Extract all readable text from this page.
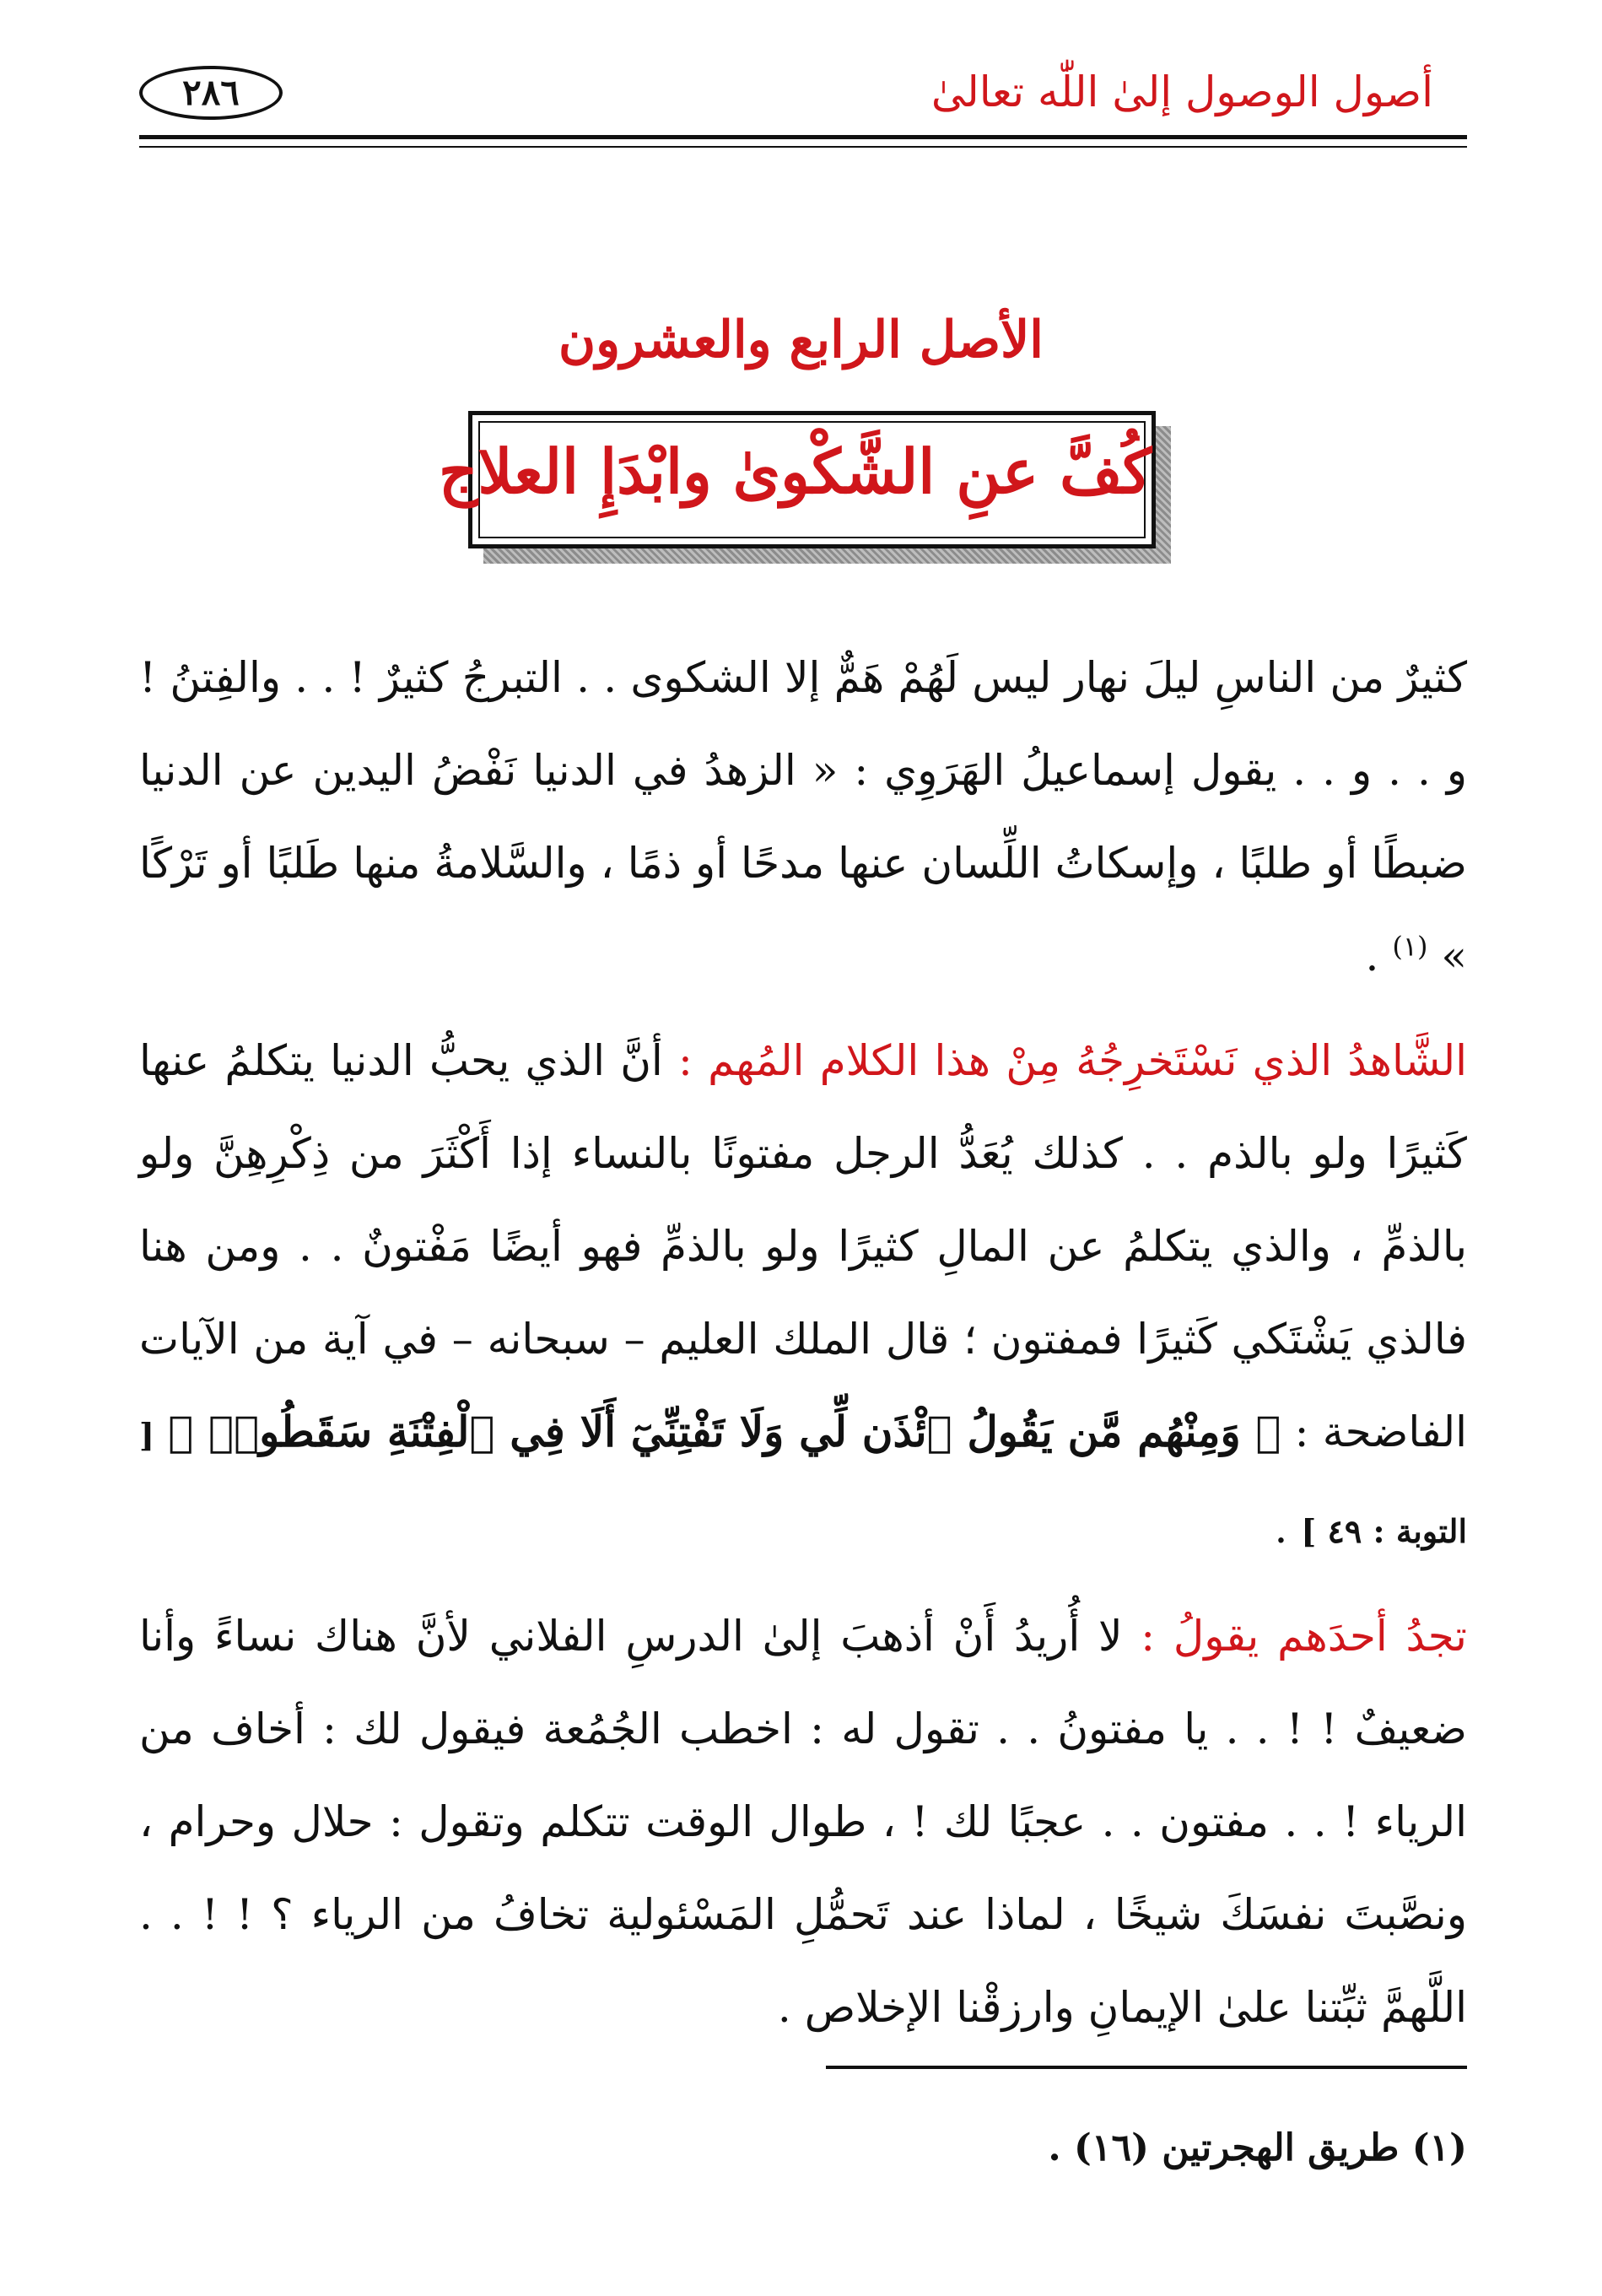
٢٨٦	أصول الوصول إلىٰ اللّٰه تعالىٰ
الأصل الرابع والعشرون
كُفَّ عنِ الشَّكْوىٰ وابْدَإِ العلاج

كثيرٌ من الناسِ ليلَ نهار ليس لَهُمْ هَمٌّ إلا الشكوى . . التبرجُ كثيرٌ ! . . والفِتنُ ! و . . و . . يقول إسماعيلُ الهَرَوِي : « الزهدُ في الدنيا نَفْضُ اليدين عن الدنيا ضبطًا أو طلبًا ، وإسكاتُ اللِّسان عنها مدحًا أو ذمًا ، والسَّلامةُ منها طَلبًا أو تَرْكًا » $^{(١)}$ .

الشَّاهدُ الذي نَسْتَخرِجُهُ مِنْ هذا الكلام المُهم : أنَّ الذي يحبُّ الدنيا يتكلمُ عنها كَثيرًا ولو بالذم . . كذلك يُعَدُّ الرجل مفتونًا بالنساء إذا أَكْثَرَ من ذِكْرِهِنَّ ولو بالذمِّ ، والذي يتكلمُ عن المالِ كثيرًا ولو بالذمِّ فهو أيضًا مَفْتونٌ . . ومن هنا فالذي يَشْتَكي كَثيرًا فمفتون ؛ قال الملك العليم – سبحانه – في آية من الآيات الفاضحة : ﴿ وَمِنْهُم مَّن يَقُولُ ٱئْذَن لِّي وَلَا تَفْتِنِّيٓ أَلَا فِي ٱلْفِتْنَةِ سَقَطُوا۟ ﴾ [ التوبة : ٤٩ ] .

تجدُ أحدَهم يقولُ : لا أُريدُ أَنْ أذهبَ إلىٰ الدرسِ الفلاني لأنَّ هناك نساءً وأنا ضعيفٌ ! ! . . يا مفتونُ . . تقول له : اخطب الجُمُعة فيقول لك : أخاف من الرياء ! . . مفتون . . عجبًا لك ! ، طوال الوقت تتكلم وتقول : حلال وحرام ، ونصَّبتَ نفسَكَ شيخًا ، لماذا عند تَحمُّلِ المَسْئولية تخافُ من الرياء ؟ ! ! . . اللَّهمَّ ثبِّتنا علىٰ الإيمانِ وارزقْنا الإخلاص .

(١) طريق الهجرتين (١٦) .
